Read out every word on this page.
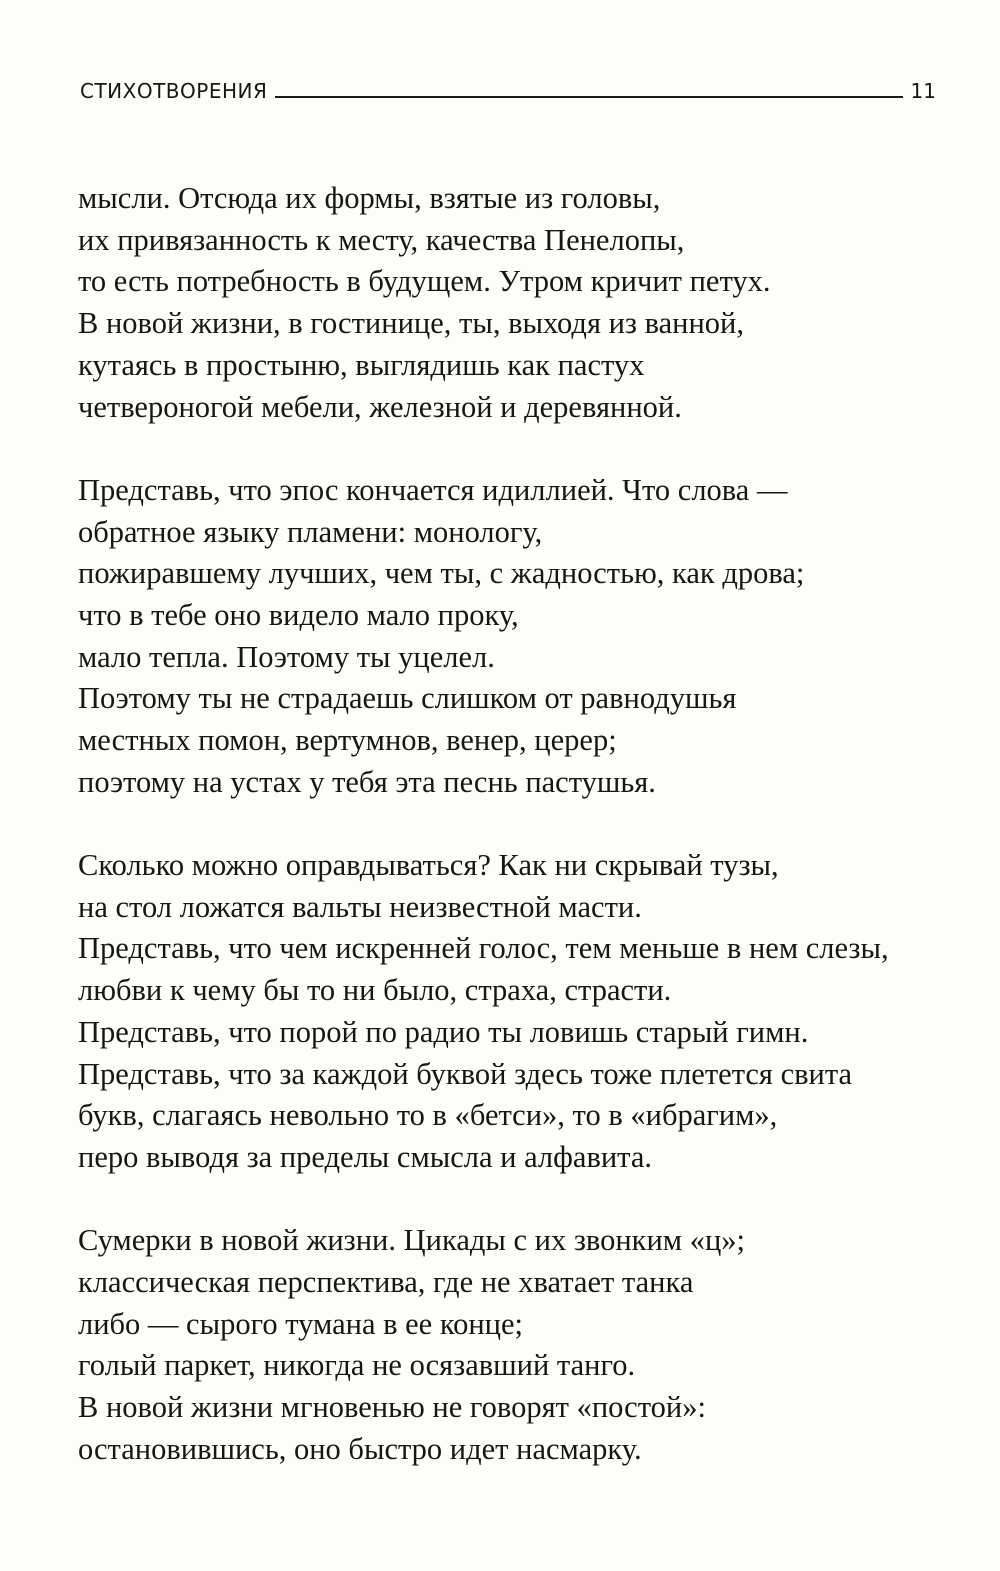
СТИХОТВОРЕНИЯ	11
мысли. Отсюда их формы, взятые из головы,
их привязанность к месту, качества Пенелопы,
то есть потребность в будущем. Утром кричит петух.
В новой жизни, в гостинице, ты, выходя из ванной,
кутаясь в простыню, выглядишь как пастух
четвероногой мебели, железной и деревянной.
Представь, что эпос кончается идиллией. Что слова —
обратное языку пламени: монологу,
пожиравшему лучших, чем ты, с жадностью, как дрова;
что в тебе оно видело мало проку,
мало тепла. Поэтому ты уцелел.
Поэтому ты не страдаешь слишком от равнодушья
местных помон, вертумнов, венер, церер;
поэтому на устах у тебя эта песнь пастушья.
Сколько можно оправдываться? Как ни скрывай тузы,
на стол ложатся вальты неизвестной масти.
Представь, что чем искренней голос, тем меньше в нем слезы,
любви к чему бы то ни было, страха, страсти.
Представь, что порой по радио ты ловишь старый гимн.
Представь, что за каждой буквой здесь тоже плетется свита
букв, слагаясь невольно то в «бетси», то в «ибрагим»,
перо выводя за пределы смысла и алфавита.
Сумерки в новой жизни. Цикады с их звонким «ц»;
классическая перспектива, где не хватает танка
либо — сырого тумана в ее конце;
голый паркет, никогда не осязавший танго.
В новой жизни мгновенью не говорят «постой»:
остановившись, оно быстро идет насмарку.
